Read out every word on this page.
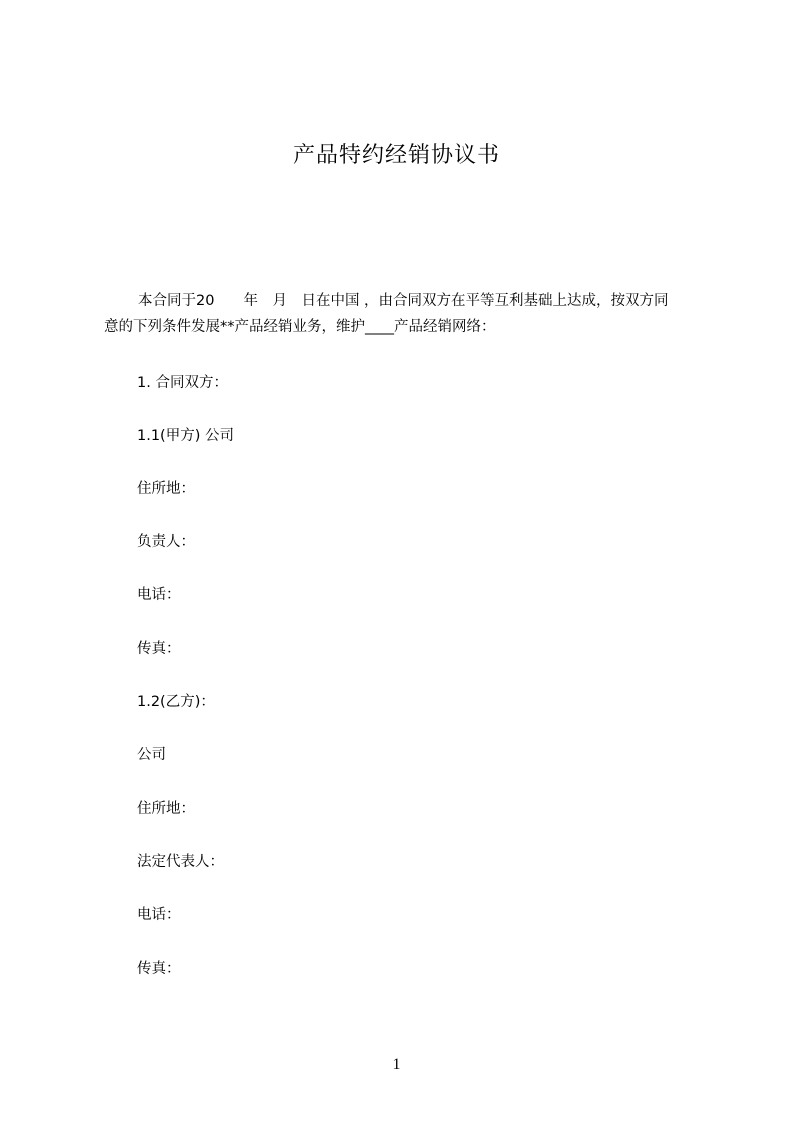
产品特约经销协议书
本合同于20　　年　月　日在中国 ，由合同双方在平等互利基础上达成，按双方同
意的下列条件发展**产品经销业务，维护____产品经销网络：
1. 合同双方：
1.1(甲方) 公司
住所地：
负责人：
电话：
传真：
1.2(乙方)：
公司
住所地：
法定代表人：
电话：
传真：
1
